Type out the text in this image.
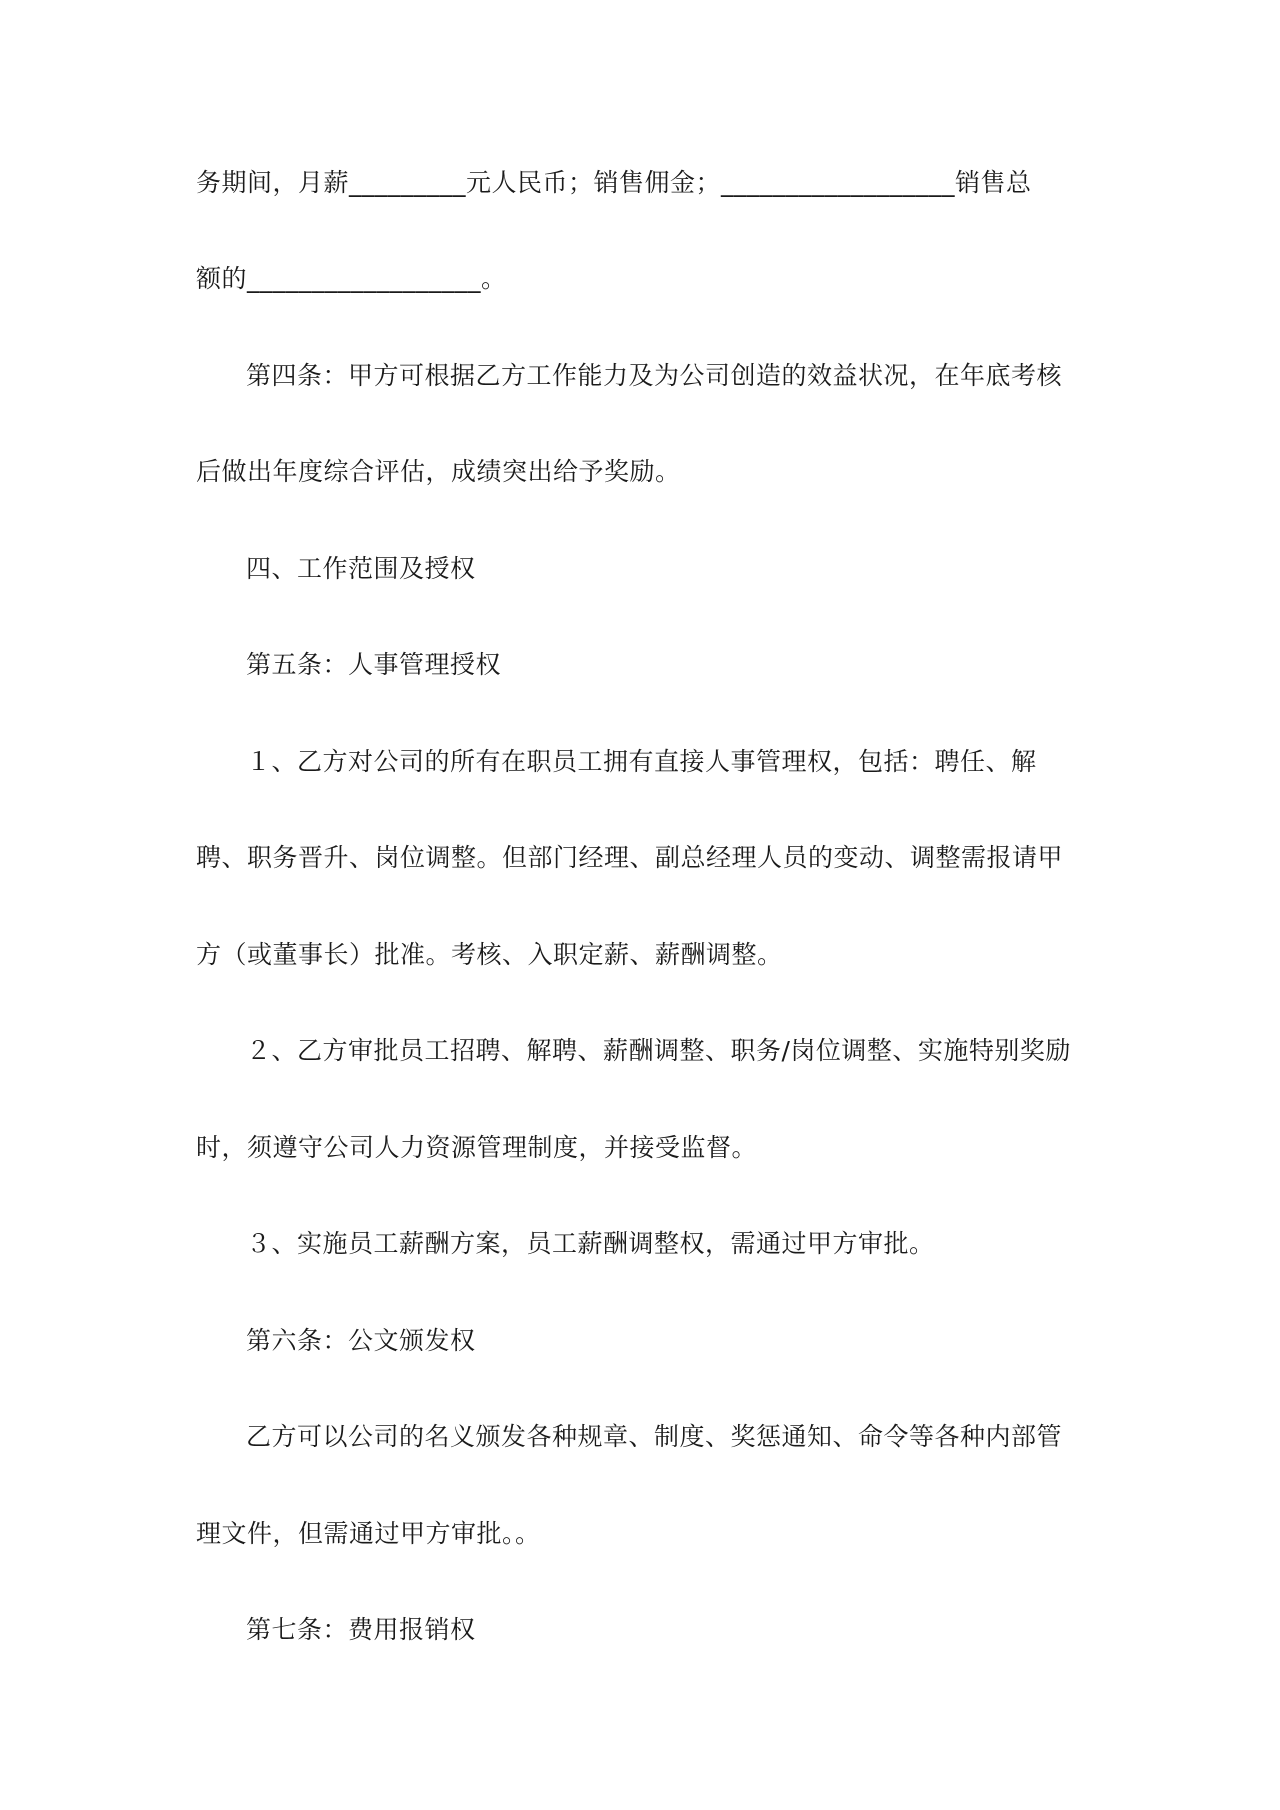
务期间，月薪_________元人民币；销售佣金；__________________销售总
额的__________________。
第四条：甲方可根据乙方工作能力及为公司创造的效益状况，在年底考核
后做出年度综合评估，成绩突出给予奖励。
四、工作范围及授权
第五条：人事管理授权
１、乙方对公司的所有在职员工拥有直接人事管理权，包括：聘任、解
聘、职务晋升、岗位调整。但部门经理、副总经理人员的变动、调整需报请甲
方（或董事长）批准。考核、入职定薪、薪酬调整。
２、乙方审批员工招聘、解聘、薪酬调整、职务/岗位调整、实施特别奖励
时，须遵守公司人力资源管理制度，并接受监督。
３、实施员工薪酬方案，员工薪酬调整权，需通过甲方审批。
第六条：公文颁发权
乙方可以公司的名义颁发各种规章、制度、奖惩通知、命令等各种内部管
理文件，但需通过甲方审批。。
第七条：费用报销权
